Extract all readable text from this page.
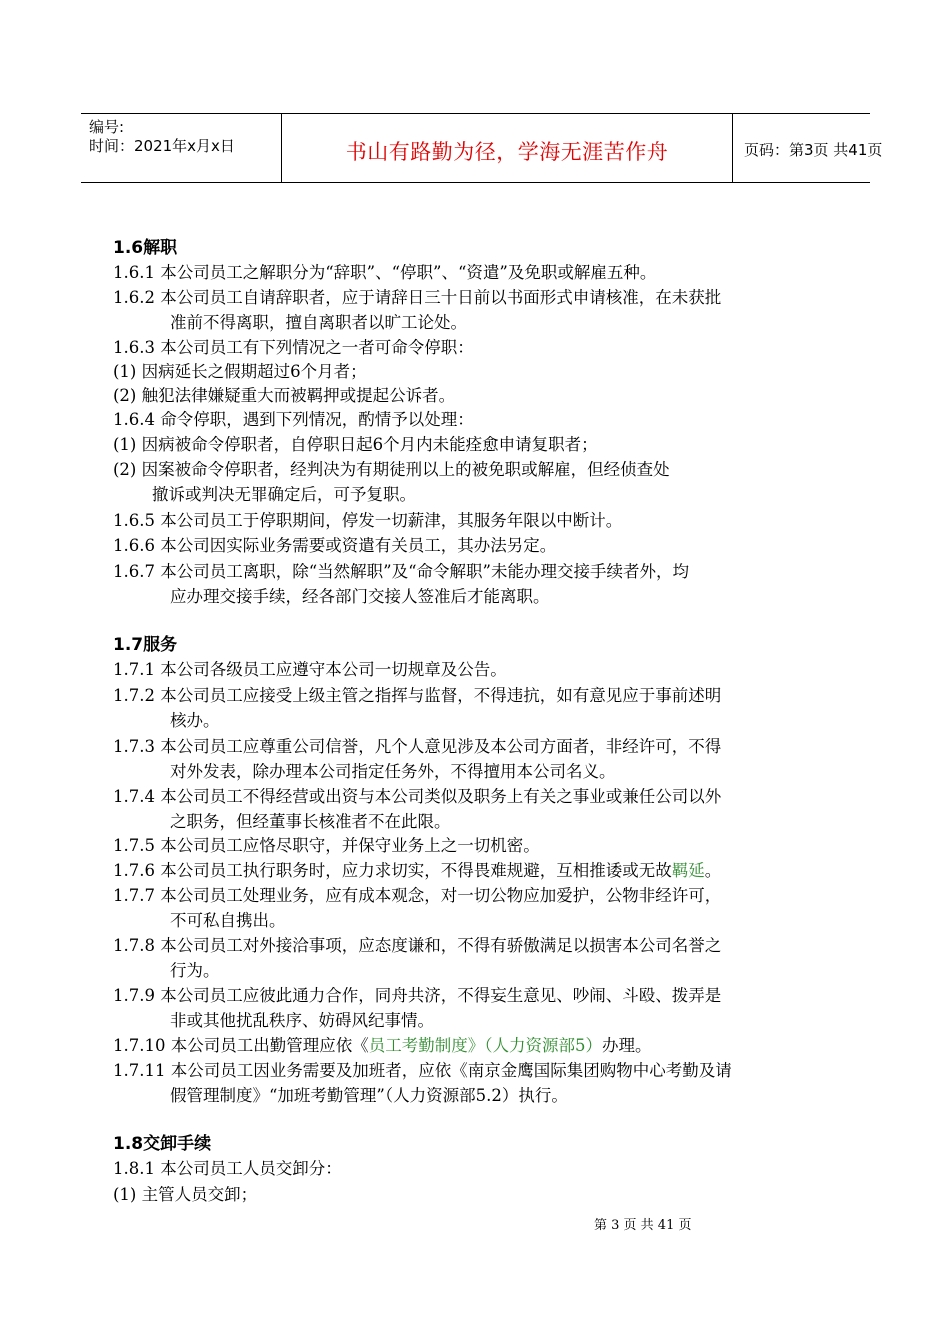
编号:
时间：2021年x月x日	书山有路勤为径，学海无涯苦作舟	页码：第3页 共41页
1.6解职
1.6.1 本公司员工之解职分为“辞职”、“停职”、“资遣”及免职或解雇五种。
1.6.2 本公司员工自请辞职者，应于请辞日三十日前以书面形式申请核准，在未获批
准前不得离职，擅自离职者以旷工论处。
1.6.3 本公司员工有下列情况之一者可命令停职：
(1) 因病延长之假期超过6个月者；
(2) 触犯法律嫌疑重大而被羁押或提起公诉者。
1.6.4 命令停职，遇到下列情况，酌情予以处理：
(1) 因病被命令停职者，自停职日起6个月内未能痊愈申请复职者；
(2) 因案被命令停职者，经判决为有期徒刑以上的被免职或解雇，但经侦查处
撤诉或判决无罪确定后，可予复职。
1.6.5 本公司员工于停职期间，停发一切薪津，其服务年限以中断计。
1.6.6 本公司因实际业务需要或资遣有关员工，其办法另定。
1.6.7 本公司员工离职，除“当然解职”及“命令解职”未能办理交接手续者外，均
应办理交接手续，经各部门交接人签准后才能离职。
1.7服务
1.7.1 本公司各级员工应遵守本公司一切规章及公告。
1.7.2 本公司员工应接受上级主管之指挥与监督，不得违抗，如有意见应于事前述明
核办。
1.7.3 本公司员工应尊重公司信誉，凡个人意见涉及本公司方面者，非经许可，不得
对外发表，除办理本公司指定任务外，不得擅用本公司名义。
1.7.4 本公司员工不得经营或出资与本公司类似及职务上有关之事业或兼任公司以外
之职务，但经董事长核准者不在此限。
1.7.5 本公司员工应恪尽职守，并保守业务上之一切机密。
1.7.6 本公司员工执行职务时，应力求切实，不得畏难规避，互相推诿或无故羁延。
1.7.7 本公司员工处理业务，应有成本观念，对一切公物应加爱护，公物非经许可，
不可私自携出。
1.7.8 本公司员工对外接洽事项，应态度谦和，不得有骄傲满足以损害本公司名誉之
行为。
1.7.9 本公司员工应彼此通力合作，同舟共济，不得妄生意见、吵闹、斗殴、拨弄是
非或其他扰乱秩序、妨碍风纪事情。
1.7.10 本公司员工出勤管理应依《员工考勤制度》（人力资源部5）办理。
1.7.11 本公司员工因业务需要及加班者，应依《南京金鹰国际集团购物中心考勤及请
假管理制度》“加班考勤管理”（人力资源部5.2）执行。
1.8交卸手续
1.8.1 本公司员工人员交卸分：
(1) 主管人员交卸；
第 3 页 共 41 页
